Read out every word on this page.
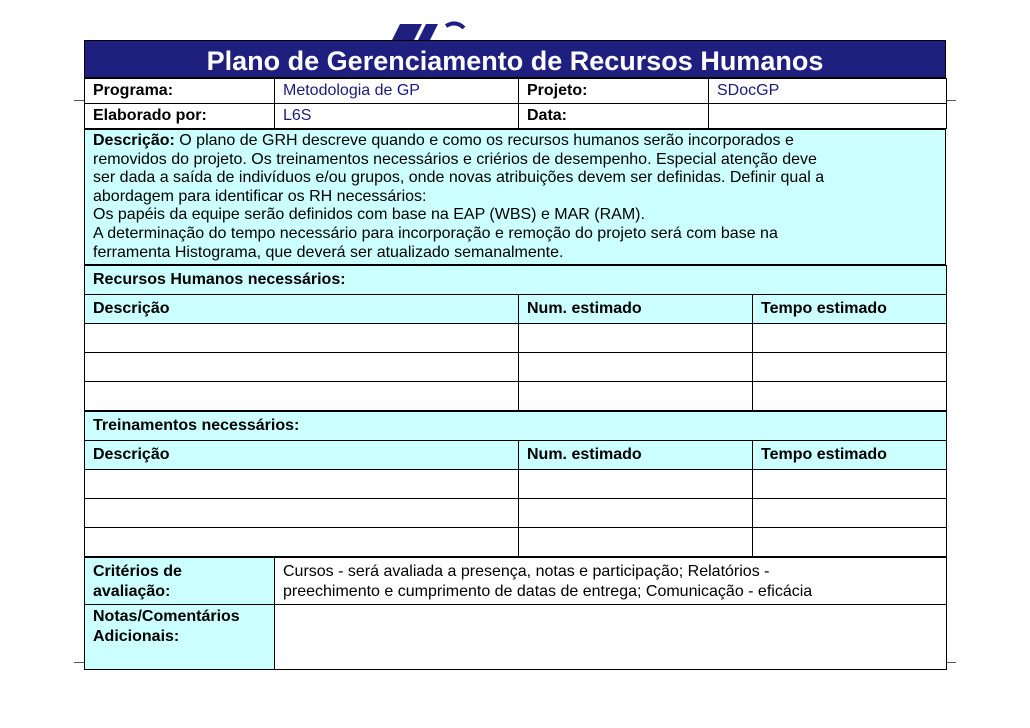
Plano de Gerenciamento de Recursos Humanos
Programa:	Metodologia de GP	Projeto:	SDocGP
Elaborado por:	L6S	Data:	
Descrição: O plano de GRH descreve quando e como os recursos humanos serão incorporados e
removidos do projeto. Os treinamentos necessários e criérios de desempenho. Especial atenção deve
ser dada a saída de indivíduos e/ou grupos, onde novas atribuições devem ser definidas. Definir qual a
abordagem para identificar os RH necessários:
Os papéis da equipe serão definidos com base na EAP (WBS) e MAR (RAM).
A determinação do tempo necessário para incorporação e remoção do projeto será com base na
ferramenta Histograma, que deverá ser atualizado semanalmente.
Recursos Humanos necessários:		
Descrição	Num. estimado	Tempo estimado

Treinamentos necessários:		
Descrição	Num. estimado	Tempo estimado

Critérios de
avaliação:	Cursos - será avaliada a presença, notas e participação; Relatórios -
preechimento e cumprimento de datas de entrega; Comunicação - eficácia
Notas/Comentários
Adicionais:	
